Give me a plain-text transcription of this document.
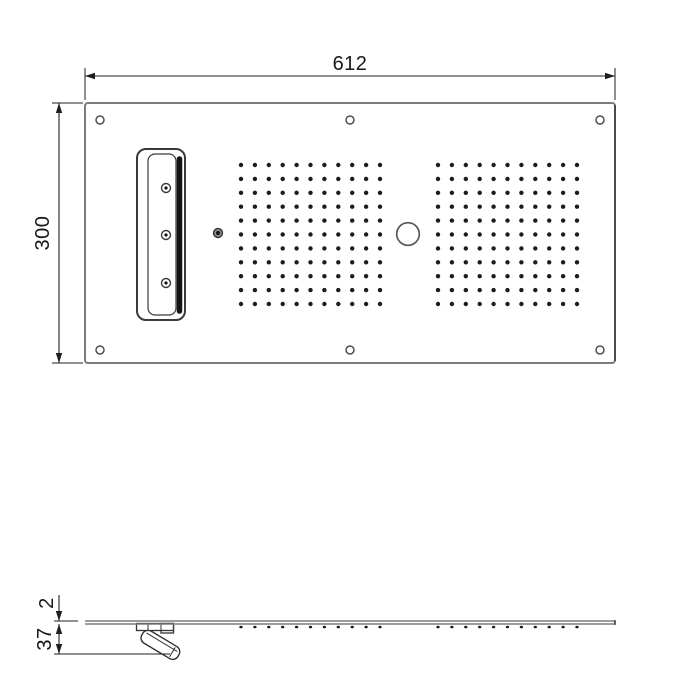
612
300
2
37
